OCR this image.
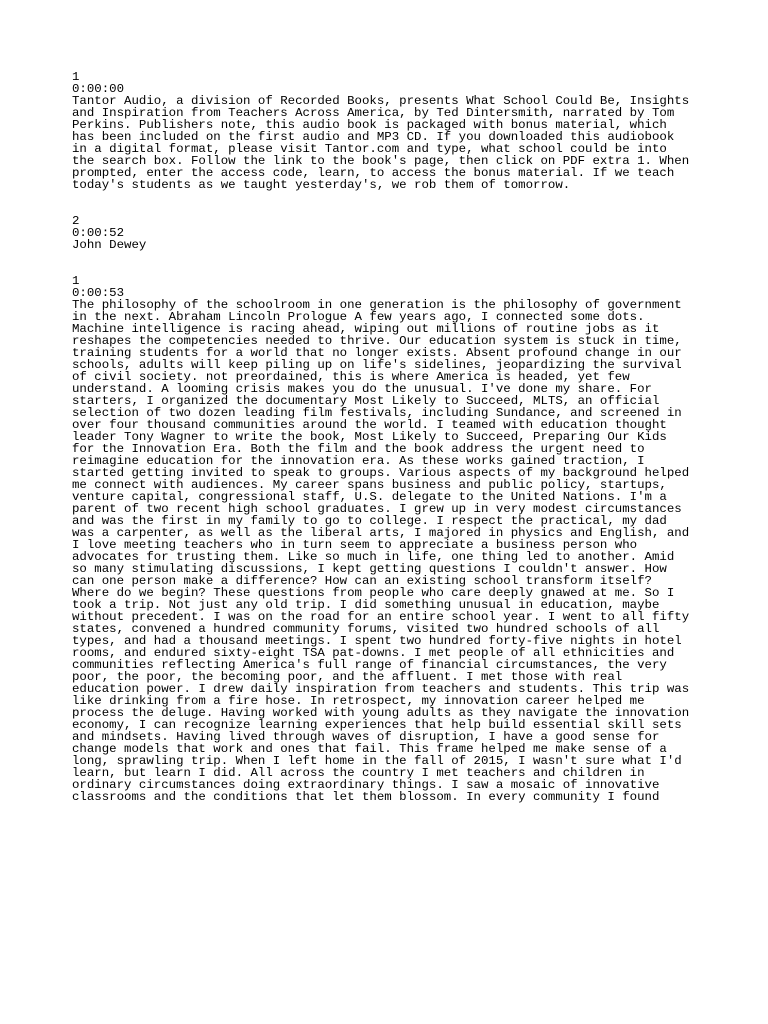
1
0:00:00
Tantor Audio, a division of Recorded Books, presents What School Could Be, Insights
and Inspiration from Teachers Across America, by Ted Dintersmith, narrated by Tom
Perkins. Publishers note, this audio book is packaged with bonus material, which
has been included on the first audio and MP3 CD. If you downloaded this audiobook
in a digital format, please visit Tantor.com and type, what school could be into
the search box. Follow the link to the book's page, then click on PDF extra 1. When
prompted, enter the access code, learn, to access the bonus material. If we teach
today's students as we taught yesterday's, we rob them of tomorrow.
2
0:00:52
John Dewey
1
0:00:53
The philosophy of the schoolroom in one generation is the philosophy of government
in the next. Abraham Lincoln Prologue A few years ago, I connected some dots.
Machine intelligence is racing ahead, wiping out millions of routine jobs as it
reshapes the competencies needed to thrive. Our education system is stuck in time,
training students for a world that no longer exists. Absent profound change in our
schools, adults will keep piling up on life's sidelines, jeopardizing the survival
of civil society. not preordained, this is where America is headed, yet few
understand. A looming crisis makes you do the unusual. I've done my share. For
starters, I organized the documentary Most Likely to Succeed, MLTS, an official
selection of two dozen leading film festivals, including Sundance, and screened in
over four thousand communities around the world. I teamed with education thought
leader Tony Wagner to write the book, Most Likely to Succeed, Preparing Our Kids
for the Innovation Era. Both the film and the book address the urgent need to
reimagine education for the innovation era. As these works gained traction, I
started getting invited to speak to groups. Various aspects of my background helped
me connect with audiences. My career spans business and public policy, startups,
venture capital, congressional staff, U.S. delegate to the United Nations. I'm a
parent of two recent high school graduates. I grew up in very modest circumstances
and was the first in my family to go to college. I respect the practical, my dad
was a carpenter, as well as the liberal arts, I majored in physics and English, and
I love meeting teachers who in turn seem to appreciate a business person who
advocates for trusting them. Like so much in life, one thing led to another. Amid
so many stimulating discussions, I kept getting questions I couldn't answer. How
can one person make a difference? How can an existing school transform itself?
Where do we begin? These questions from people who care deeply gnawed at me. So I
took a trip. Not just any old trip. I did something unusual in education, maybe
without precedent. I was on the road for an entire school year. I went to all fifty
states, convened a hundred community forums, visited two hundred schools of all
types, and had a thousand meetings. I spent two hundred forty-five nights in hotel
rooms, and endured sixty-eight TSA pat-downs. I met people of all ethnicities and
communities reflecting America's full range of financial circumstances, the very
poor, the poor, the becoming poor, and the affluent. I met those with real
education power. I drew daily inspiration from teachers and students. This trip was
like drinking from a fire hose. In retrospect, my innovation career helped me
process the deluge. Having worked with young adults as they navigate the innovation
economy, I can recognize learning experiences that help build essential skill sets
and mindsets. Having lived through waves of disruption, I have a good sense for
change models that work and ones that fail. This frame helped me make sense of a
long, sprawling trip. When I left home in the fall of 2015, I wasn't sure what I'd
learn, but learn I did. All across the country I met teachers and children in
ordinary circumstances doing extraordinary things. I saw a mosaic of innovative
classrooms and the conditions that let them blossom. In every community I found
